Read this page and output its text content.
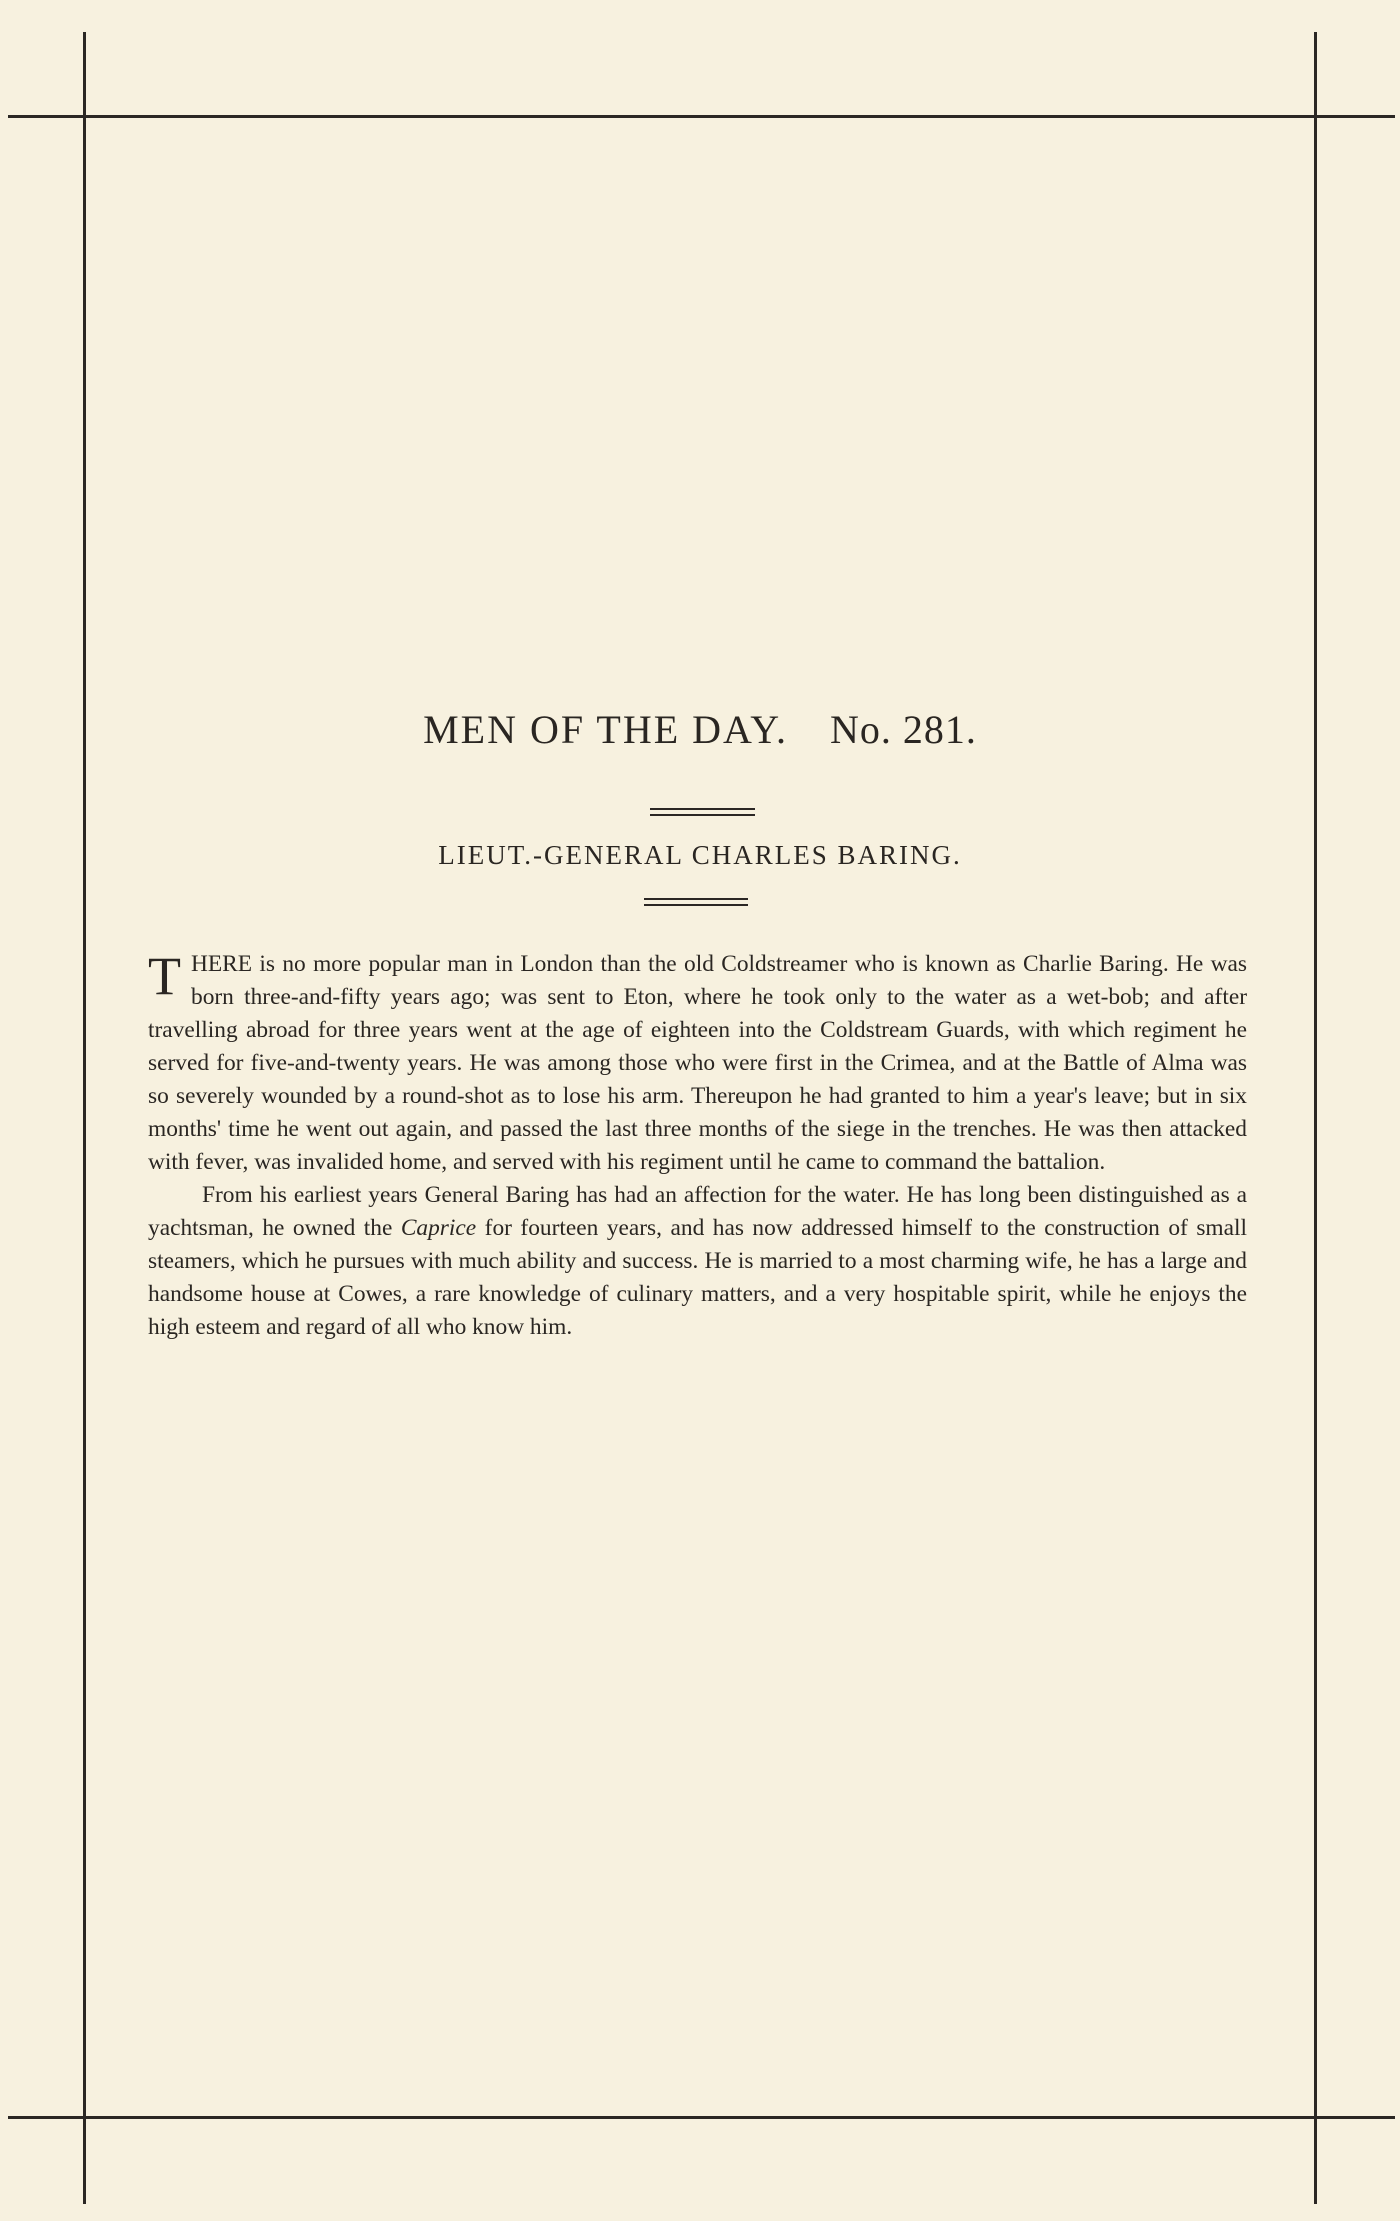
MEN OF THE DAY. No. 281.
LIEUT.-GENERAL CHARLES BARING.

THERE is no more popular man in London than the old Coldstreamer who is known as Charlie Baring. He was born three-and-fifty years ago; was sent to Eton, where he took only to the water as a wet-bob; and after travelling abroad for three years went at the age of eighteen into the Coldstream Guards, with which regiment he served for five-and-twenty years. He was among those who were first in the Crimea, and at the Battle of Alma was so severely wounded by a round-shot as to lose his arm. Thereupon he had granted to him a year's leave; but in six months' time he went out again, and passed the last three months of the siege in the trenches. He was then attacked with fever, was invalided home, and served with his regiment until he came to command the battalion.

From his earliest years General Baring has had an affection for the water. He has long been distinguished as a yachtsman, he owned the Caprice for fourteen years, and has now addressed himself to the construction of small steamers, which he pursues with much ability and success. He is married to a most charming wife, he has a large and handsome house at Cowes, a rare knowledge of culinary matters, and a very hospitable spirit, while he enjoys the high esteem and regard of all who know him.
